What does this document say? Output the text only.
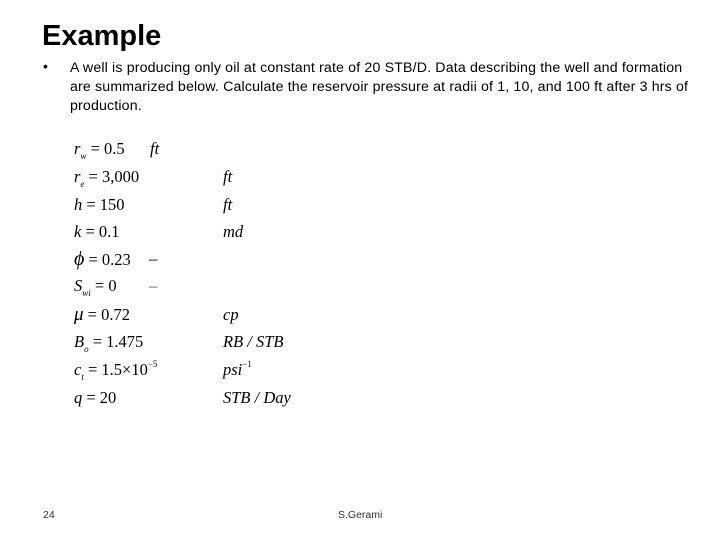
Example
• A well is producing only oil at constant rate of 20 STB/D. Data describing the well and formation are summarized below. Calculate the reservoir pressure at radii of 1, 10, and 100 ft after 3 hrs of production.
$r_w = 0.5$ ft
$r_e = 3,000$	ft
h = 150	ft
k = 0.1	md
ϕ = 0.23 –
$S_{wi} = 0$ –
μ = 0.72	cp
$B_o = 1.475$	RB / STB
$c_t = 1.5\times 10^{-5}$	psi$^{-1}$
q = 20	STB / Day
24	S.Gerami
